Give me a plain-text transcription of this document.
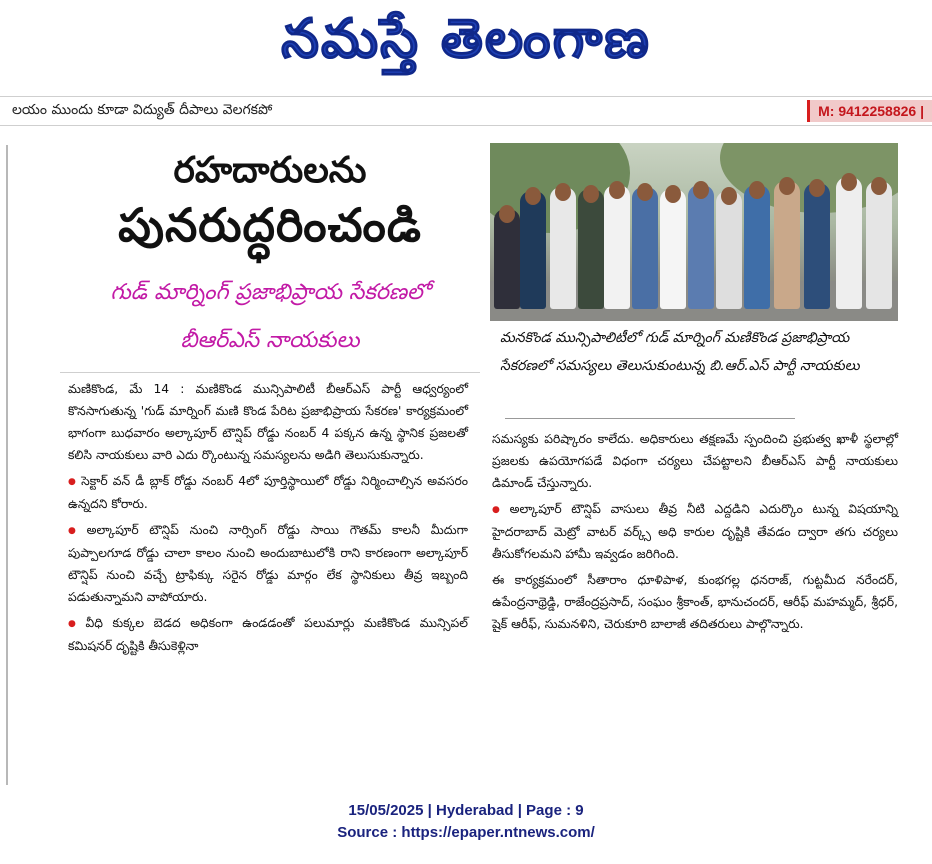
నమస్తే తెలంగాణ
లయం ముందు కూడా విద్యుత్ దీపాలు వెలగకపో	M: 9412258826 |
రహదారులను
పునరుద్ధరించండి
గుడ్ మార్నింగ్ ప్రజాభిప్రాయ సేకరణలో
బీఆర్ఎస్ నాయకులు	మనకొండ మున్సిపాలిటీలో గుడ్ మార్నింగ్ మణికొండ ప్రజాభిప్రాయ సేకరణలో సమస్యలు తెలుసుకుంటున్న బి.ఆర్.ఎస్ పార్టీ నాయకులు

మణికొండ, మే 14 : మణికొండ మున్సిపాలిటీ బీఆర్ఎస్ పార్టీ ఆధ్వర్యంలో కొనసాగుతున్న 'గుడ్ మార్నింగ్ మణి కొండ పేరిట ప్రజాభిప్రాయ సేకరణ' కార్యక్రమంలో భాగంగా బుధవారం అల్కాపూర్ టౌన్షిప్ రోడ్డు నంబర్ 4 పక్కన ఉన్న స్థానిక ప్రజలతో కలిసి నాయకులు వారి ఎదు ర్కొంటున్న సమస్యలను అడిగి తెలుసుకున్నారు.

● సెక్టార్ వన్ డీ బ్లాక్ రోడ్డు నంబర్ 4లో పూర్తిస్థాయిలో రోడ్డు నిర్మించాల్సిన అవసరం ఉన్నదని కోరారు.

● అల్కాపూర్ టౌన్షిప్ నుంచి నార్సింగ్ రోడ్డు సాయి గౌతమ్ కాలనీ మీదుగా పుప్పాలగూడ రోడ్డు చాలా కాలం నుంచి అందుబాటులోకి రాని కారణంగా అల్కాపూర్ టౌన్షిప్ నుంచి వచ్చే ట్రాఫిక్కు సరైన రోడ్డు మార్గం లేక స్థానికులు తీవ్ర ఇబ్బంది పడుతున్నామని వాపోయారు.

● వీధి కుక్కల బెడద అధికంగా ఉండడంతో పలుమార్లు మణికొండ మున్సిపల్ కమిషనర్ దృష్టికి తీసుకెళ్లినా

సమస్యకు పరిష్కారం కాలేదు. అధికారులు తక్షణమే స్పందించి ప్రభుత్వ ఖాళీ స్థలాల్లో ప్రజలకు ఉపయోగపడే విధంగా చర్యలు చేపట్టాలని బీఆర్ఎస్ పార్టీ నాయకులు డిమాండ్ చేస్తున్నారు.

● అల్కాపూర్ టౌన్షిప్ వాసులు తీవ్ర నీటి ఎద్దడిని ఎదుర్కొం టున్న విషయాన్ని హైదరాబాద్ మెట్రో వాటర్ వర్క్స్ అధి కారుల దృష్టికి తేవడం ద్వారా తగు చర్యలు తీసుకోగలమని హామీ ఇవ్వడం జరిగింది.

ఈ కార్యక్రమంలో సీతారాం ధూళిపాళ, కుంభగల్ల ధనరాజ్, గుట్టమీద నరేందర్, ఉపేంద్రనాథ్రెడ్డి, రాజేంద్రప్రసాద్, సంఘం శ్రీకాంత్, భానుచందర్, ఆరీఫ్ మహమ్మద్, శ్రీధర్, షైక్ ఆరీఫ్, సుమనళిని, చెరుకూరి బాలాజీ తదితరులు పాల్గొన్నారు.

15/05/2025 | Hyderabad | Page : 9
Source : https://epaper.ntnews.com/
